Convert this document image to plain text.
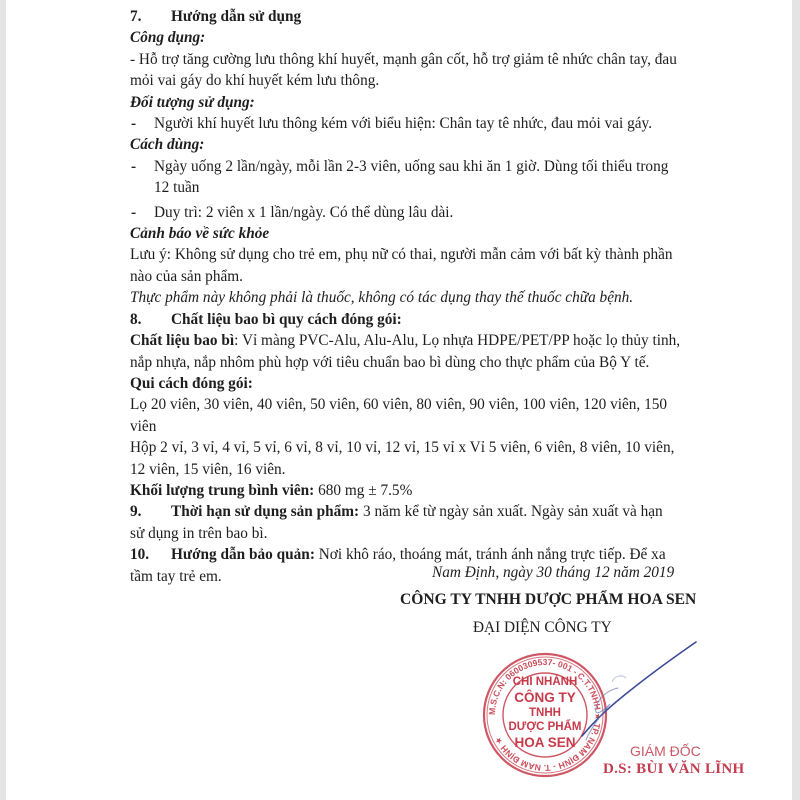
7. Hướng dẫn sử dụng
Công dụng:
- Hỗ trợ tăng cường lưu thông khí huyết, mạnh gân cốt, hỗ trợ giảm tê nhức chân tay, đau
mỏi vai gáy do khí huyết kém lưu thông.
Đối tượng sử dụng:
- Người khí huyết lưu thông kém với biểu hiện: Chân tay tê nhức, đau mỏi vai gáy.
Cách dùng:
- Ngày uống 2 lần/ngày, mỗi lần 2-3 viên, uống sau khi ăn 1 giờ. Dùng tối thiểu trong
12 tuần
- Duy trì: 2 viên x 1 lần/ngày. Có thể dùng lâu dài.
Cảnh báo về sức khỏe
Lưu ý: Không sử dụng cho trẻ em, phụ nữ có thai, người mẫn cảm với bất kỳ thành phần
nào của sản phẩm.
Thực phẩm này không phải là thuốc, không có tác dụng thay thế thuốc chữa bệnh.
8. Chất liệu bao bì quy cách đóng gói:
Chất liệu bao bì: Vỉ màng PVC-Alu, Alu-Alu, Lọ nhựa HDPE/PET/PP hoặc lọ thủy tinh,
nắp nhựa, nắp nhôm phù hợp với tiêu chuẩn bao bì dùng cho thực phẩm của Bộ Y tế.
Qui cách đóng gói:
Lọ 20 viên, 30 viên, 40 viên, 50 viên, 60 viên, 80 viên, 90 viên, 100 viên, 120 viên, 150
viên
Hộp 2 vỉ, 3 vỉ, 4 vỉ, 5 vỉ, 6 vỉ, 8 vỉ, 10 vỉ, 12 vỉ, 15 vỉ x Vỉ 5 viên, 6 viên, 8 viên, 10 viên,
12 viên, 15 viên, 16 viên.
Khối lượng trung bình viên: 680 mg ± 7.5%
9. Thời hạn sử dụng sản phẩm: 3 năm kể từ ngày sản xuất. Ngày sản xuất và hạn
sử dụng in trên bao bì.
10. Hướng dẫn bảo quản: Nơi khô ráo, thoáng mát, tránh ánh nắng trực tiếp. Để xa
tầm tay trẻ em.	Nam Định, ngày 30 tháng 12 năm 2019
CÔNG TY TNHH DƯỢC PHẨM HOA SEN
ĐẠI DIỆN CÔNG TY
M.S.C.N: 0600309537- 001 - C.T.TNHH ★ TP. NAM ĐỊNH - T. NAM ĐỊNH ★
CHI NHÁNH
CÔNG TY
TNHH
DƯỢC PHẨM
HOA SEN
GIÁM ĐỐC
D.S: BÙI VĂN LĨNH
